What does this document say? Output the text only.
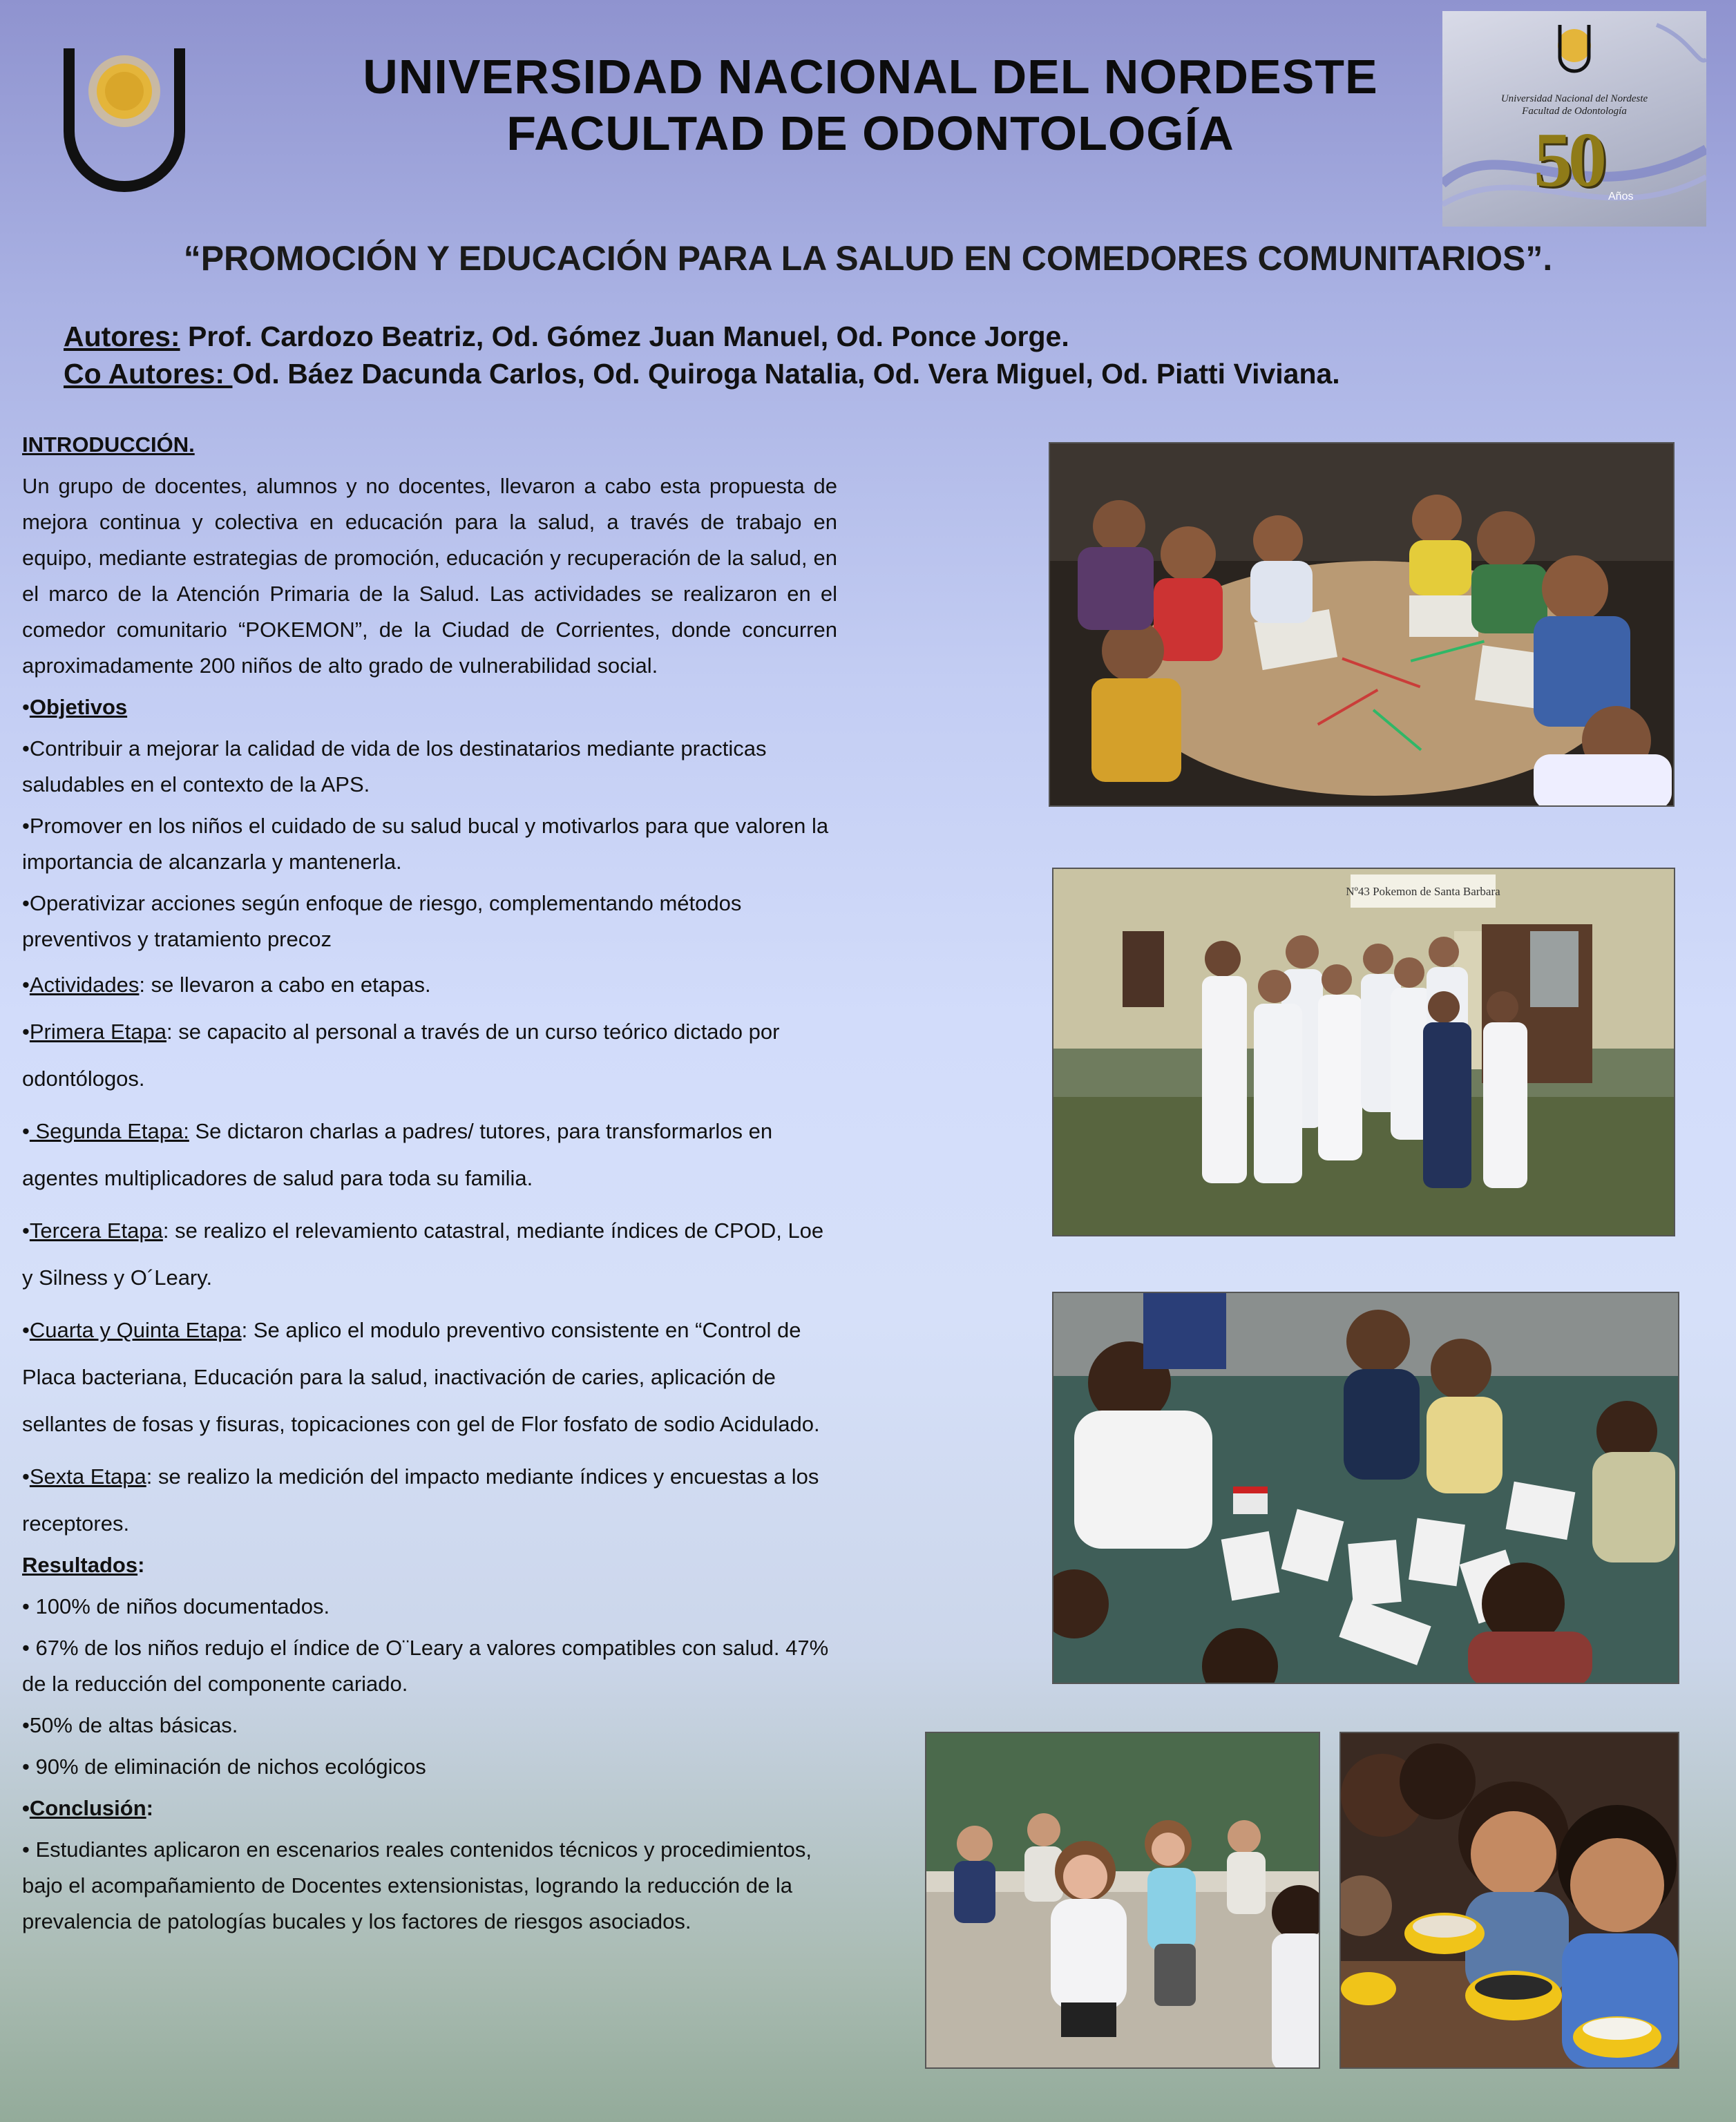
UNIVERSIDAD NACIONAL DEL NORDESTE
FACULTAD DE ODONTOLOGÍA
Universidad Nacional del Nordeste
Facultad de Odontología
50 Años
“PROMOCIÓN Y EDUCACIÓN PARA LA SALUD EN COMEDORES COMUNITARIOS”.
Autores: Prof. Cardozo Beatriz, Od. Gómez Juan Manuel, Od. Ponce Jorge.
Co Autores: Od. Báez Dacunda Carlos, Od. Quiroga Natalia, Od. Vera Miguel, Od. Piatti Viviana.

INTRODUCCIÓN.

Un grupo de docentes, alumnos y no docentes, llevaron a cabo esta propuesta de mejora continua y colectiva en educación para la salud, a través de trabajo en equipo, mediante estrategias de promoción, educación y recuperación de la salud, en el marco de la Atención Primaria de la Salud. Las actividades se realizaron en el comedor comunitario “POKEMON”, de la Ciudad de Corrientes, donde concurren aproximadamente 200 niños de alto grado de vulnerabilidad social.

•Objetivos

•Contribuir a mejorar la calidad de vida de los destinatarios mediante practicas saludables en el contexto de la APS.

•Promover en los niños el cuidado de su salud bucal y motivarlos para que valoren la importancia de alcanzarla y mantenerla.

•Operativizar acciones según enfoque de riesgo, complementando métodos preventivos y tratamiento precoz

•Actividades: se llevaron a cabo en etapas.

•Primera Etapa: se capacito al personal a través de un curso teórico dictado por odontólogos.

• Segunda Etapa: Se dictaron charlas a padres/ tutores, para transformarlos en agentes multiplicadores de salud para toda su familia.

•Tercera Etapa: se realizo el relevamiento catastral, mediante índices de CPOD, Loe y Silness y O´Leary.

•Cuarta y Quinta Etapa: Se aplico el modulo preventivo consistente en “Control de Placa bacteriana, Educación para la salud, inactivación de caries, aplicación de sellantes de fosas y fisuras, topicaciones con gel de Flor fosfato de sodio Acidulado.

•Sexta Etapa: se realizo la medición del impacto mediante índices y encuestas a los receptores.

Resultados:

• 100% de niños documentados.

• 67% de los niños redujo el índice de O¨Leary a valores compatibles con salud. 47% de la reducción del componente cariado.

•50% de altas básicas.

• 90% de eliminación de nichos ecológicos

•Conclusión:

• Estudiantes aplicaron en escenarios reales contenidos técnicos y procedimientos, bajo el acompañamiento de Docentes extensionistas, logrando la reducción de la prevalencia de patologías bucales y los factores de riesgos asociados.

Nº43 Pokemon de Santa Barbara
